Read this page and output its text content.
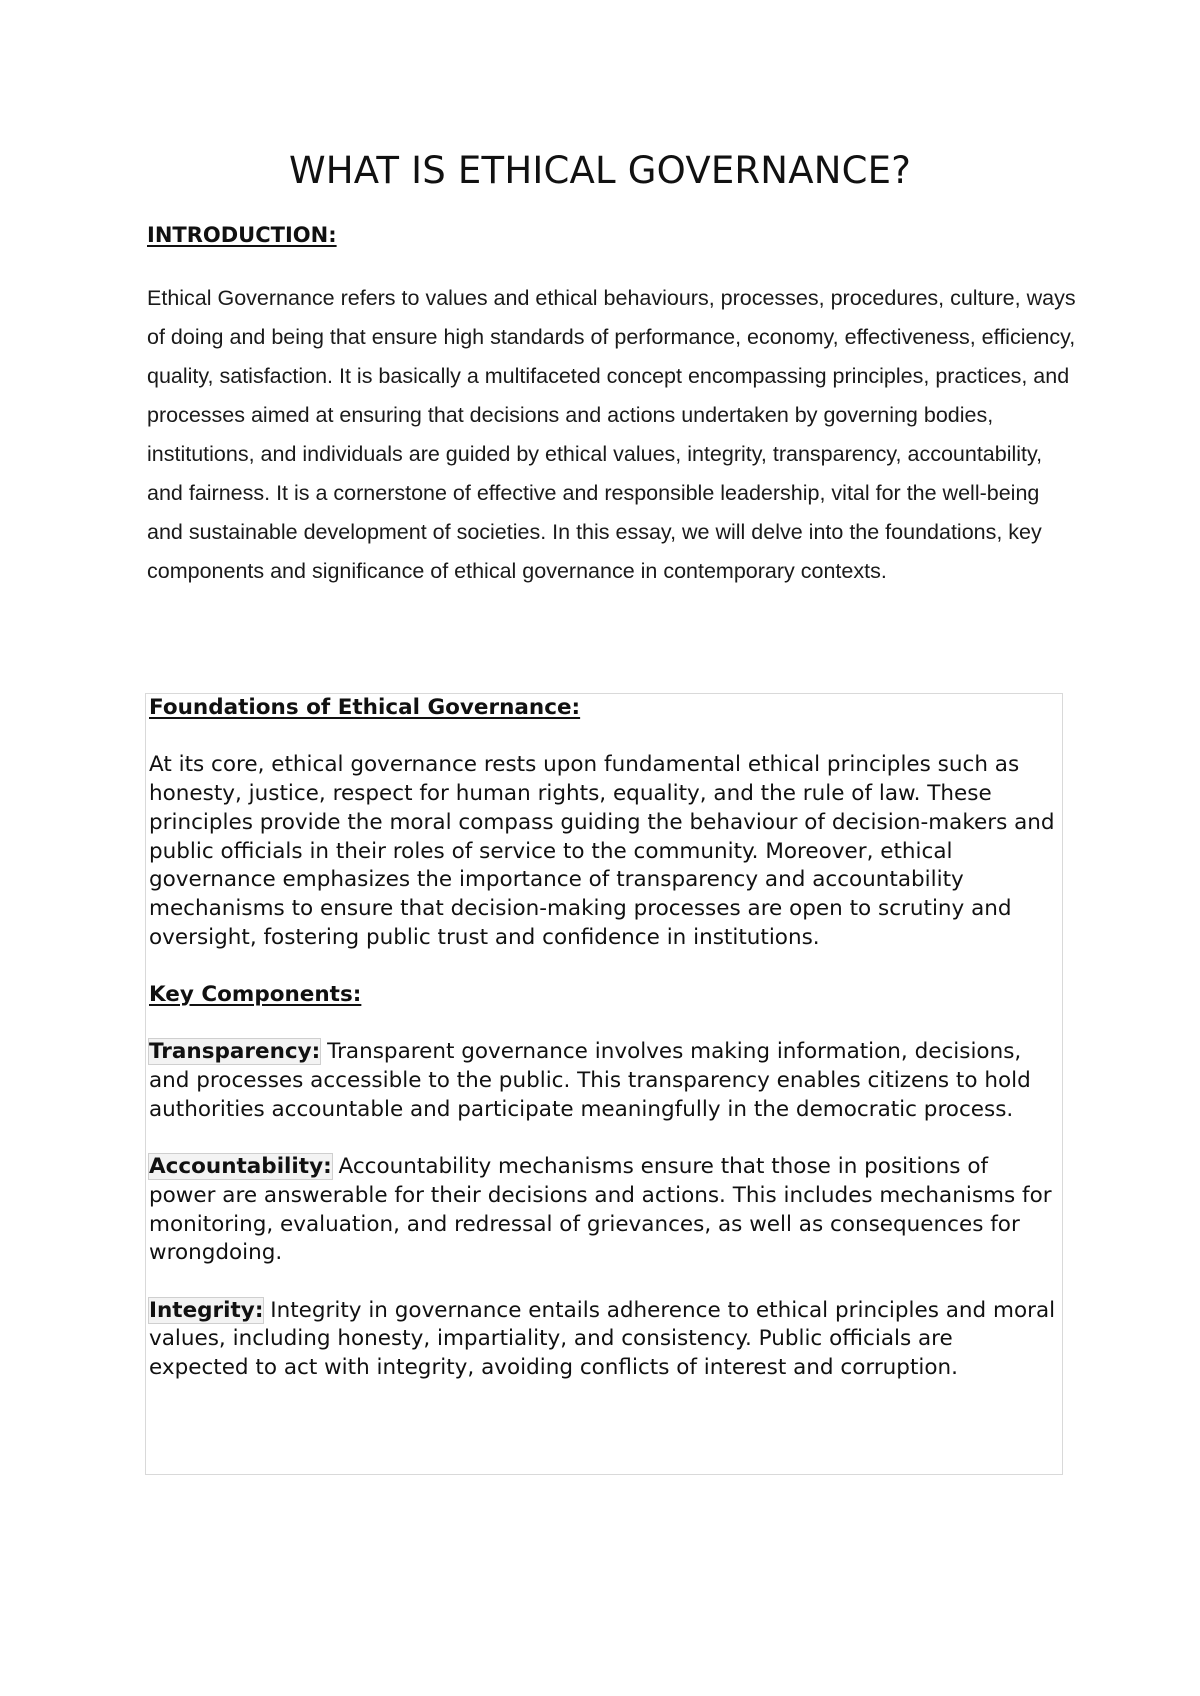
WHAT IS ETHICAL GOVERNANCE?

INTRODUCTION:

Ethical Governance refers to values and ethical behaviours, processes, procedures, culture, ways of doing and being that ensure high standards of performance, economy, effectiveness, efficiency, quality, satisfaction. It is basically a multifaceted concept encompassing principles, practices, and processes aimed at ensuring that decisions and actions undertaken by governing bodies, institutions, and individuals are guided by ethical values, integrity, transparency, accountability, and fairness. It is a cornerstone of effective and responsible leadership, vital for the well-being and sustainable development of societies. In this essay, we will delve into the foundations, key components and significance of ethical governance in contemporary contexts.

Foundations of Ethical Governance:

At its core, ethical governance rests upon fundamental ethical principles such as honesty, justice, respect for human rights, equality, and the rule of law. These principles provide the moral compass guiding the behaviour of decision-makers and public officials in their roles of service to the community. Moreover, ethical governance emphasizes the importance of transparency and accountability mechanisms to ensure that decision-making processes are open to scrutiny and oversight, fostering public trust and confidence in institutions.

Key Components:

Transparency: Transparent governance involves making information, decisions, and processes accessible to the public. This transparency enables citizens to hold authorities accountable and participate meaningfully in the democratic process.

Accountability: Accountability mechanisms ensure that those in positions of power are answerable for their decisions and actions. This includes mechanisms for monitoring, evaluation, and redressal of grievances, as well as consequences for wrongdoing.

Integrity: Integrity in governance entails adherence to ethical principles and moral values, including honesty, impartiality, and consistency. Public officials are expected to act with integrity, avoiding conflicts of interest and corruption.
